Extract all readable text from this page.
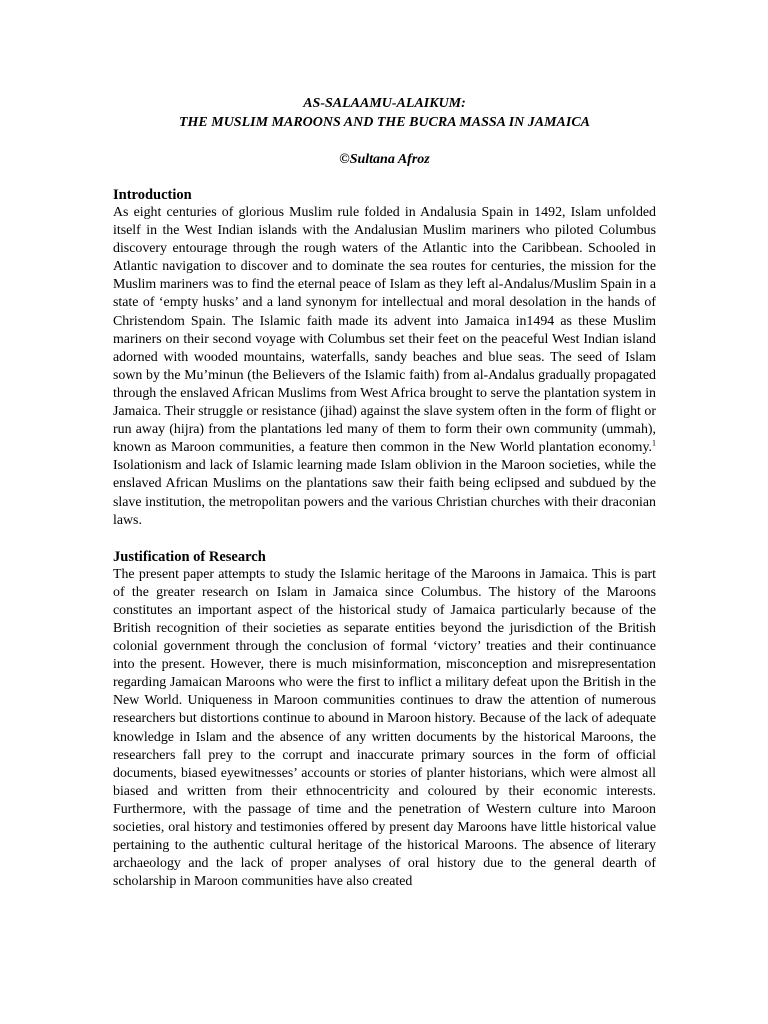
AS-SALAAMU-ALAIKUM:
THE MUSLIM MAROONS AND THE BUCRA MASSA IN JAMAICA
©Sultana Afroz
Introduction

As eight centuries of glorious Muslim rule folded in Andalusia Spain in 1492, Islam unfolded itself in the West Indian islands with the Andalusian Muslim mariners who piloted Columbus discovery entourage through the rough waters of the Atlantic into the Caribbean. Schooled in Atlantic navigation to discover and to dominate the sea routes for centuries, the mission for the Muslim mariners was to find the eternal peace of Islam as they left al-Andalus/Muslim Spain in a state of ‘empty husks’ and a land synonym for intellectual and moral desolation in the hands of Christendom Spain. The Islamic faith made its advent into Jamaica in1494 as these Muslim mariners on their second voyage with Columbus set their feet on the peaceful West Indian island adorned with wooded mountains, waterfalls, sandy beaches and blue seas. The seed of Islam sown by the Mu’minun (the Believers of the Islamic faith) from al-Andalus gradually propagated through the enslaved African Muslims from West Africa brought to serve the plantation system in Jamaica. Their struggle or resistance (jihad) against the slave system often in the form of flight or run away (hijra) from the plantations led many of them to form their own community (ummah), known as Maroon communities, a feature then common in the New World plantation economy.$^1$ Isolationism and lack of Islamic learning made Islam oblivion in the Maroon societies, while the enslaved African Muslims on the plantations saw their faith being eclipsed and subdued by the slave institution, the metropolitan powers and the various Christian churches with their draconian laws.

Justification of Research

The present paper attempts to study the Islamic heritage of the Maroons in Jamaica. This is part of the greater research on Islam in Jamaica since Columbus. The history of the Maroons constitutes an important aspect of the historical study of Jamaica particularly because of the British recognition of their societies as separate entities beyond the jurisdiction of the British colonial government through the conclusion of formal ‘victory’ treaties and their continuance into the present. However, there is much misinformation, misconception and misrepresentation regarding Jamaican Maroons who were the first to inflict a military defeat upon the British in the New World. Uniqueness in Maroon communities continues to draw the attention of numerous researchers but distortions continue to abound in Maroon history. Because of the lack of adequate knowledge in Islam and the absence of any written documents by the historical Maroons, the researchers fall prey to the corrupt and inaccurate primary sources in the form of official documents, biased eyewitnesses’ accounts or stories of planter historians, which were almost all biased and written from their ethnocentricity and coloured by their economic interests. Furthermore, with the passage of time and the penetration of Western culture into Maroon societies, oral history and testimonies offered by present day Maroons have little historical value pertaining to the authentic cultural heritage of the historical Maroons. The absence of literary archaeology and the lack of proper analyses of oral history due to the general dearth of scholarship in Maroon communities have also created
